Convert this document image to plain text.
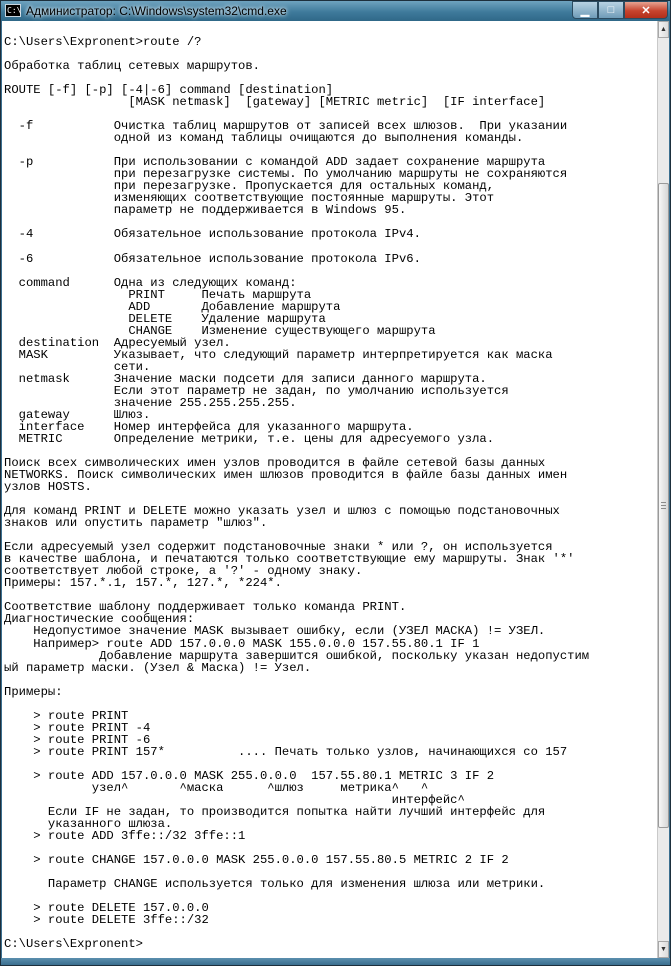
C:\ Администратор: C:\Windows\system32\cmd.exe	▁	□	✕
C:\Users\Expronent>route /?
Обработка таблиц сетевых маршрутов.
ROUTE [-f] [-p] [-4|-6] command [destination]
[MASK netmask]  [gateway] [METRIC metric]  [IF interface]
-f           Очистка таблиц маршрутов от записей всех шлюзов.  При указании
одной из команд таблицы очищаются до выполнения команды.
-p           При использовании с командой ADD задает сохранение маршрута
при перезагрузке системы. По умолчанию маршруты не сохраняются
при перезагрузке. Пропускается для остальных команд,
изменяющих соответствующие постоянные маршруты. Этот
параметр не поддерживается в Windows 95.
-4           Обязательное использование протокола IPv4.
-6           Обязательное использование протокола IPv6.
command      Одна из следующих команд:
PRINT     Печать маршрута
ADD       Добавление маршрута
DELETE    Удаление маршрута
CHANGE    Изменение существующего маршрута
destination  Адресуемый узел.
MASK         Указывает, что следующий параметр интерпретируется как маска
сети.
netmask      Значение маски подсети для записи данного маршрута.
Если этот параметр не задан, по умолчанию используется
значение 255.255.255.255.
gateway      Шлюз.
interface    Номер интерфейса для указанного маршрута.
METRIC       Определение метрики, т.е. цены для адресуемого узла.
Поиск всех символических имен узлов проводится в файле сетевой базы данных
NETWORKS. Поиск символических имен шлюзов проводится в файле базы данных имен
узлов HOSTS.
Для команд PRINT и DELETE можно указать узел и шлюз с помощью подстановочных
знаков или опустить параметр "шлюз".
Если адресуемый узел содержит подстановочные знаки * или ?, он используется
в качестве шаблона, и печатаются только соответствующие ему маршруты. Знак '*'
соответствует любой строке, а '?' - одному знаку.
Примеры: 157.*.1, 157.*, 127.*, *224*.
Соответствие шаблону поддерживает только команда PRINT.
Диагностические сообщения:
Недопустимое значение MASK вызывает ошибку, если (УЗЕЛ МАСКА) != УЗЕЛ.
Например> route ADD 157.0.0.0 MASK 155.0.0.0 157.55.80.1 IF 1
Добавление маршрута завершится ошибкой, поскольку указан недопустим
ый параметр маски. (Узел & Маска) != Узел.
Примеры:
> route PRINT
> route PRINT -4
> route PRINT -6
> route PRINT 157*          .... Печать только узлов, начинающихся со 157
> route ADD 157.0.0.0 MASK 255.0.0.0  157.55.80.1 METRIC 3 IF 2
узел^       ^маска      ^шлюз     метрика^   ^
интерфейс^
Если IF не задан, то производится попытка найти лучший интерфейс для
указанного шлюза.
> route ADD 3ffe::/32 3ffe::1
> route CHANGE 157.0.0.0 MASK 255.0.0.0 157.55.80.5 METRIC 2 IF 2
Параметр CHANGE используется только для изменения шлюза или метрики.
> route DELETE 157.0.0.0
> route DELETE 3ffe::/32
C:\Users\Expronent>
▲
▼
